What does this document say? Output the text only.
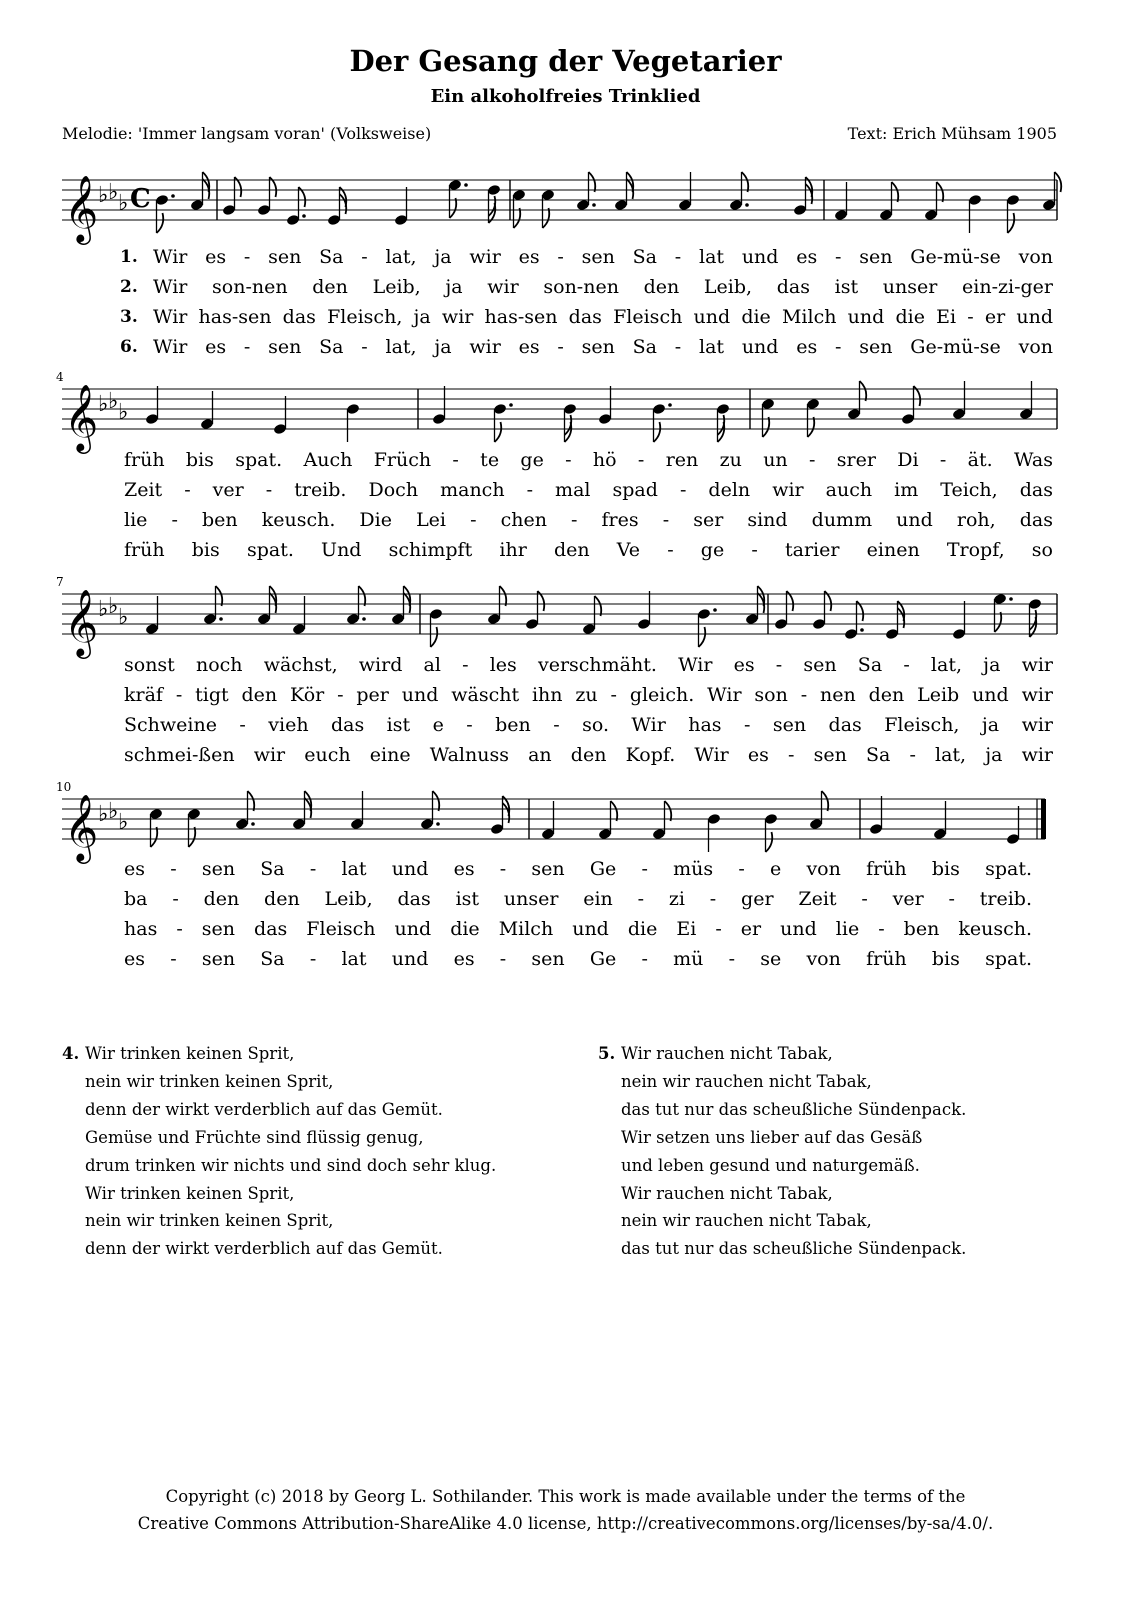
Der Gesang der Vegetarier
Ein alkoholfreies Trinklied
Melodie: 'Immer langsam voran' (Volksweise)	Text: Erich Mühsam 1905
𝄞 ♭ ♭ ♭ C
𝄞 ♭ ♭ ♭
4
𝄞 ♭ ♭ ♭
7
𝄞 ♭ ♭ ♭
10
1. Wir es - sen Sa - lat, ja wir es - sen Sa - lat und es - sen Ge-mü-se von
2. Wir son-nen den Leib, ja wir son-nen den Leib, das ist unser ein-zi-ger
3. Wir has-sen das Fleisch, ja wir has-sen das Fleisch und die Milch und die Ei - er und
6. Wir es - sen Sa - lat, ja wir es - sen Sa - lat und es - sen Ge-mü-se von
früh bis spat. Auch Früch - te ge - hö - ren zu un - srer Di - ät. Was
Zeit - ver - treib. Doch manch - mal spad - deln wir auch im Teich, das
lie - ben keusch. Die Lei - chen - fres - ser sind dumm und roh, das
früh bis spat. Und schimpft ihr den Ve - ge - tarier einen Tropf, so
sonst noch wächst, wird al - les verschmäht. Wir es - sen Sa - lat, ja wir
kräf - tigt den Kör - per und wäscht ihn zu - gleich. Wir son - nen den Leib und wir
Schweine - vieh das ist e - ben - so. Wir has - sen das Fleisch, ja wir
schmei-ßen wir euch eine Walnuss an den Kopf. Wir es - sen Sa - lat, ja wir
es - sen Sa - lat und es - sen Ge - müs - e von früh bis spat.
ba - den den Leib, das ist unser ein - zi - ger Zeit - ver - treib.
has - sen das Fleisch und die Milch und die Ei - er und lie - ben keusch.
es - sen Sa - lat und es - sen Ge - mü - se von früh bis spat.
4. Wir trinken keinen Sprit,
nein wir trinken keinen Sprit,
denn der wirkt verderblich auf das Gemüt.
Gemüse und Früchte sind flüssig genug,
drum trinken wir nichts und sind doch sehr klug.
Wir trinken keinen Sprit,
nein wir trinken keinen Sprit,
denn der wirkt verderblich auf das Gemüt.
5. Wir rauchen nicht Tabak,
nein wir rauchen nicht Tabak,
das tut nur das scheußliche Sündenpack.
Wir setzen uns lieber auf das Gesäß
und leben gesund und naturgemäß.
Wir rauchen nicht Tabak,
nein wir rauchen nicht Tabak,
das tut nur das scheußliche Sündenpack.
Copyright (c) 2018 by Georg L. Sothilander. This work is made available under the terms of the
Creative Commons Attribution-ShareAlike 4.0 license, http://creativecommons.org/licenses/by-sa/4.0/.
